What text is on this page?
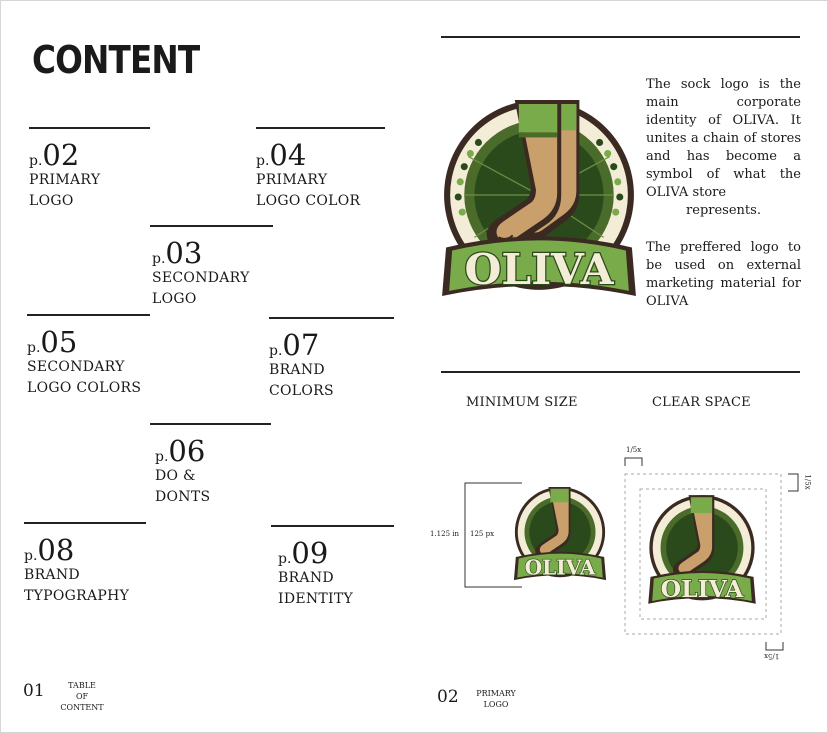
CONTENT
p.02
PRIMARY
LOGO
p.04
PRIMARY
LOGO COLOR
p.03
SECONDARY
LOGO
p.05
SECONDARY
LOGO COLORS
p.07
BRAND
COLORS
p.06
DO &
DONTS
p.08
BRAND
TYPOGRAPHY
p.09
BRAND
IDENTITY
01	TABLE
OF
CONTENT
OLIVA
The sock logo is the main corporate identity of OLIVA. It unites a chain of stores and has become a symbol of what the OLIVA store
represents.
The preffered logo to be used on external marketing material for OLIVA
MINIMUM SIZE	CLEAR SPACE
1.125 in 125 px
OLIVA
1/5x
1/5x
1/5x
OLIVA
02	PRIMARY
LOGO
